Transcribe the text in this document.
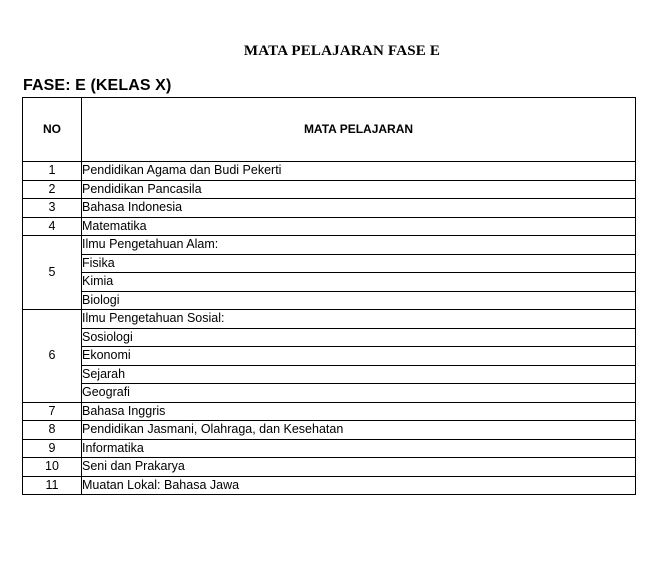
MATA PELAJARAN FASE E
FASE: E (KELAS X)
NO	MATA PELAJARAN
1	Pendidikan Agama dan Budi Pekerti
2	Pendidikan Pancasila
3	Bahasa Indonesia
4	Matematika
5	Ilmu Pengetahuan Alam:
	Fisika
	Kimia
	Biologi
6	Ilmu Pengetahuan Sosial:
	Sosiologi
	Ekonomi
	Sejarah
	Geografi
7	Bahasa Inggris
8	Pendidikan Jasmani, Olahraga, dan Kesehatan
9	Informatika
10	Seni dan Prakarya
11	Muatan Lokal: Bahasa Jawa
